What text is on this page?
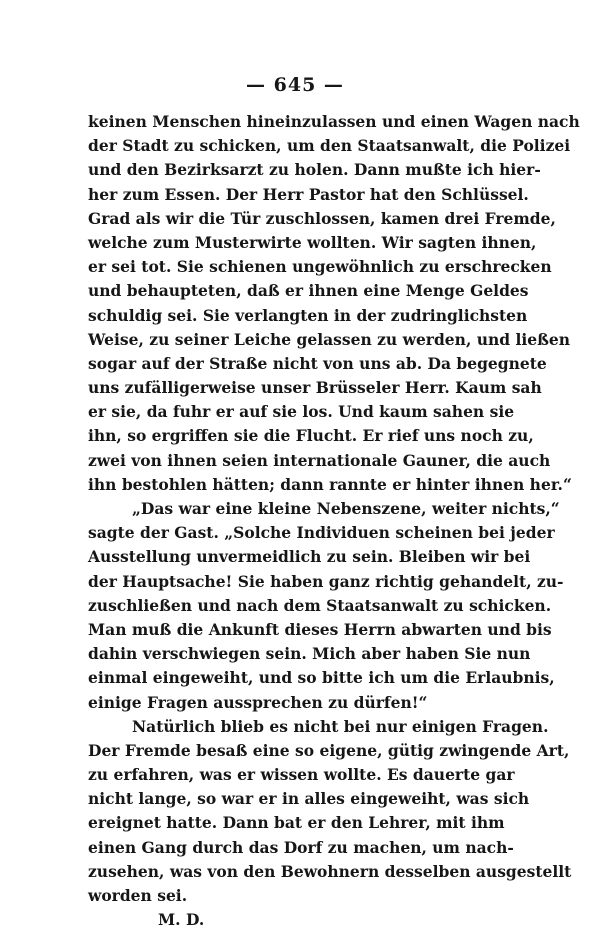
— 645 —
keinen Menschen hineinzulassen und einen Wagen nach
der Stadt zu schicken, um den Staatsanwalt, die Polizei
und den Bezirksarzt zu holen. Dann mußte ich hier-
her zum Essen. Der Herr Pastor hat den Schlüssel.
Grad als wir die Tür zuschlossen, kamen drei Fremde,
welche zum Musterwirte wollten. Wir sagten ihnen,
er sei tot. Sie schienen ungewöhnlich zu erschrecken
und behaupteten, daß er ihnen eine Menge Geldes
schuldig sei. Sie verlangten in der zudringlichsten
Weise, zu seiner Leiche gelassen zu werden, und ließen
sogar auf der Straße nicht von uns ab. Da begegnete
uns zufälligerweise unser Brüsseler Herr. Kaum sah
er sie, da fuhr er auf sie los. Und kaum sahen sie
ihn, so ergriffen sie die Flucht. Er rief uns noch zu,
zwei von ihnen seien internationale Gauner, die auch
ihn bestohlen hätten; dann rannte er hinter ihnen her.“
„Das war eine kleine Nebenszene, weiter nichts,“
sagte der Gast. „Solche Individuen scheinen bei jeder
Ausstellung unvermeidlich zu sein. Bleiben wir bei
der Hauptsache! Sie haben ganz richtig gehandelt, zu-
zuschließen und nach dem Staatsanwalt zu schicken.
Man muß die Ankunft dieses Herrn abwarten und bis
dahin verschwiegen sein. Mich aber haben Sie nun
einmal eingeweiht, und so bitte ich um die Erlaubnis,
einige Fragen aussprechen zu dürfen!“
Natürlich blieb es nicht bei nur einigen Fragen.
Der Fremde besaß eine so eigene, gütig zwingende Art,
zu erfahren, was er wissen wollte. Es dauerte gar
nicht lange, so war er in alles eingeweiht, was sich
ereignet hatte. Dann bat er den Lehrer, mit ihm
einen Gang durch das Dorf zu machen, um nach-
zusehen, was von den Bewohnern desselben ausgestellt
worden sei.
M. D.
